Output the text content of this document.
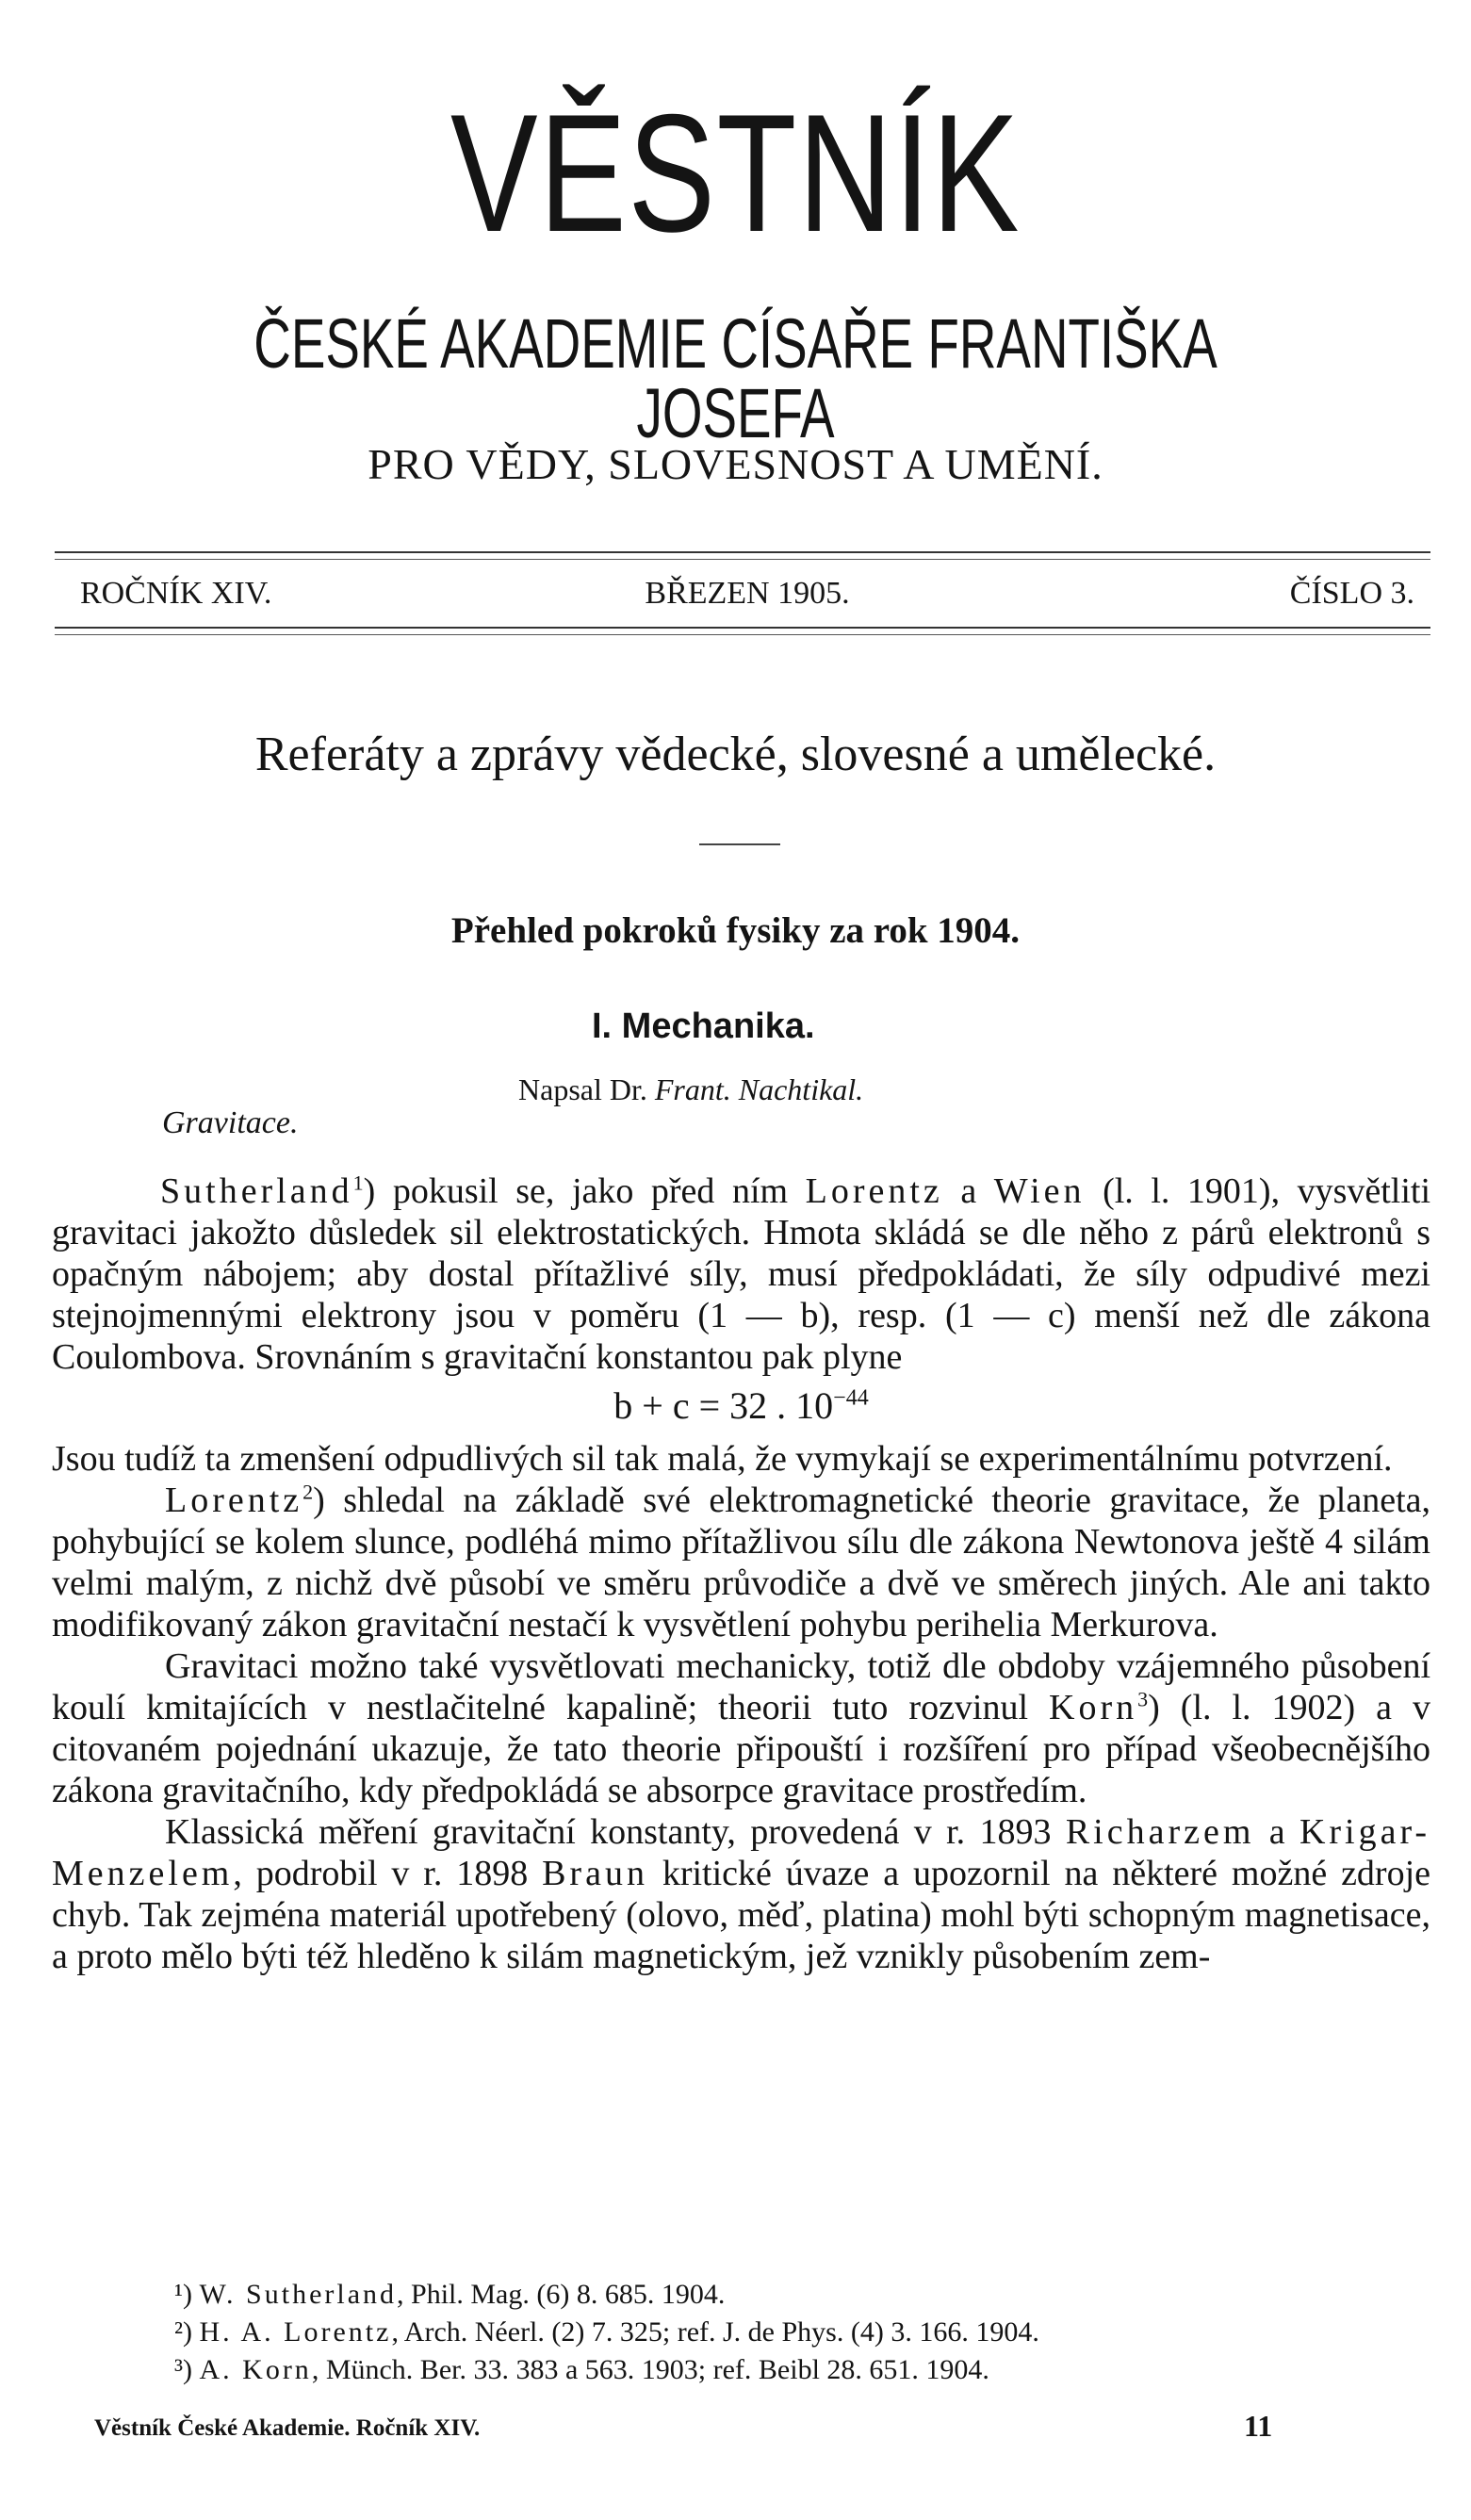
VĚSTNÍK
ČESKÉ AKADEMIE CÍSAŘE FRANTIŠKA JOSEFA
PRO VĚDY, SLOVESNOST A UMĚNÍ.
ROČNÍK XIV.	BŘEZEN 1905.	ČÍSLO 3.
Referáty a zprávy vědecké, slovesné a umělecké.
Přehled pokroků fysiky za rok 1904.
I. Mechanika.
Napsal Dr. Frant. Nachtikal.
Gravitace.

Sutherland$^1$) pokusil se, jako před ním Lorentz a Wien (l. l. 1901), vysvětliti gravitaci jakožto důsledek sil elektrostatických. Hmota skládá se dle něho z párů elektronů s opačným nábojem; aby dostal přítažlivé síly, musí předpokládati, že síly odpudivé mezi stejnojmennými elektrony jsou v poměru (1 — b), resp. (1 — c) menší než dle zákona Coulombova. Srovnáním s gravitační konstantou pak plyne

b + c = 32 . $10^{-44}$

Jsou tudíž ta zmenšení odpudlivých sil tak malá, že vymykají se experimentálnímu potvrzení.

Lorentz$^2$) shledal na základě své elektromagnetické theorie gravitace, že planeta, pohybující se kolem slunce, podléhá mimo přítažlivou sílu dle zákona Newtonova ještě 4 silám velmi malým, z nichž dvě působí ve směru průvodiče a dvě ve směrech jiných. Ale ani takto modifikovaný zákon gravitační nestačí k vysvětlení pohybu perihelia Merkurova.

Gravitaci možno také vysvětlovati mechanicky, totiž dle obdoby vzájemného působení koulí kmitajících v nestlačitelné kapalině; theorii tuto rozvinul Korn$^3$) (l. l. 1902) a v citovaném pojednání ukazuje, že tato theorie připouští i rozšíření pro případ všeobecnějšího zákona gravitačního, kdy předpokládá se absorpce gravitace prostředím.

Klassická měření gravitační konstanty, provedená v r. 1893 Richarzem a Krigar-Menzelem, podrobil v r. 1898 Braun kritické úvaze a upozornil na některé možné zdroje chyb. Tak zejména materiál upotřebený (olovo, měď, platina) mohl býti schopným magnetisace, a proto mělo býti též hleděno k silám magnetickým, jež vznikly působením zem-

¹) W. Sutherland, Phil. Mag. (6) 8. 685. 1904.
²) H. A. Lorentz, Arch. Néerl. (2) 7. 325; ref. J. de Phys. (4) 3. 166. 1904.
³) A. Korn, Münch. Ber. 33. 383 a 563. 1903; ref. Beibl 28. 651. 1904.
Věstník České Akademie. Ročník XIV.	11
